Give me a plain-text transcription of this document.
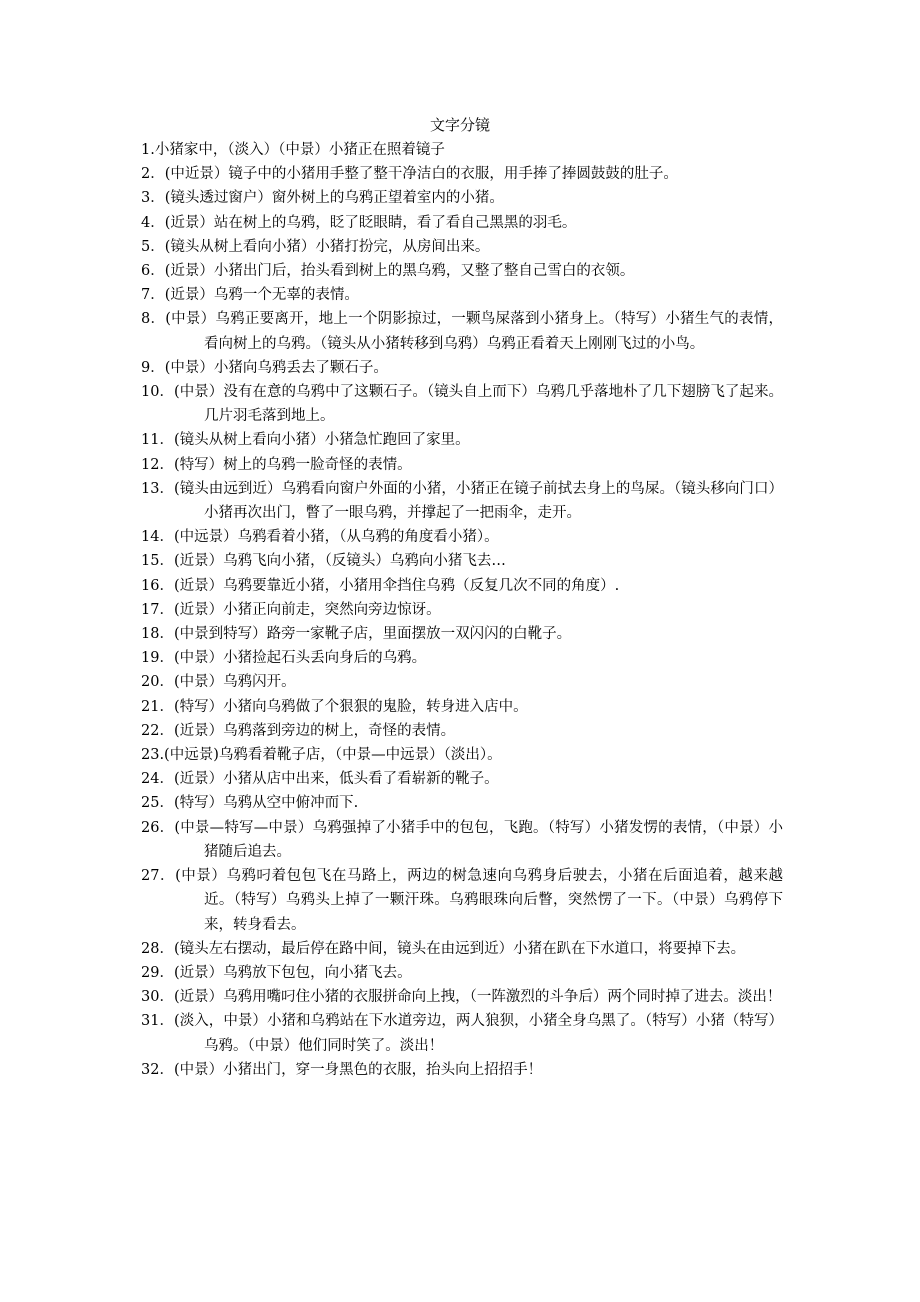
文字分镜
1.小猪家中，（淡入）（中景）小猪正在照着镜子
2．(中近景）镜子中的小猪用手整了整干净洁白的衣服，用手捧了捧圆鼓鼓的肚子。
3．(镜头透过窗户）窗外树上的乌鸦正望着室内的小猪。
4．(近景）站在树上的乌鸦，眨了眨眼睛，看了看自己黑黑的羽毛。
5．(镜头从树上看向小猪）小猪打扮完，从房间出来。
6．(近景）小猪出门后，抬头看到树上的黑乌鸦，又整了整自己雪白的衣领。
7．(近景）乌鸦一个无辜的表情。
8．(中景）乌鸦正要离开，地上一个阴影掠过，一颗鸟屎落到小猪身上。（特写）小猪生气的表情，看向树上的乌鸦。（镜头从小猪转移到乌鸦）乌鸦正看着天上刚刚飞过的小鸟。
9．(中景）小猪向乌鸦丢去了颗石子。
10．(中景）没有在意的乌鸦中了这颗石子。（镜头自上而下）乌鸦几乎落地朴了几下翅膀飞了起来。几片羽毛落到地上。
11．(镜头从树上看向小猪）小猪急忙跑回了家里。
12．(特写）树上的乌鸦一脸奇怪的表情。
13．(镜头由远到近）乌鸦看向窗户外面的小猪，小猪正在镜子前拭去身上的鸟屎。（镜头移向门口）小猪再次出门，瞥了一眼乌鸦，并撑起了一把雨伞，走开。
14．(中远景）乌鸦看着小猪，（从乌鸦的角度看小猪）。
15．(近景）乌鸦飞向小猪，（反镜头）乌鸦向小猪飞去…
16．(近景）乌鸦要靠近小猪，小猪用伞挡住乌鸦（反复几次不同的角度）.
17．(近景）小猪正向前走，突然向旁边惊讶。
18．(中景到特写）路旁一家靴子店，里面摆放一双闪闪的白靴子。
19．(中景）小猪捡起石头丢向身后的乌鸦。
20．(中景）乌鸦闪开。
21．(特写）小猪向乌鸦做了个狠狠的鬼脸，转身进入店中。
22．(近景）乌鸦落到旁边的树上，奇怪的表情。
23.(中远景)乌鸦看着靴子店，（中景—中远景）（淡出）。
24．(近景）小猪从店中出来，低头看了看崭新的靴子。
25．(特写）乌鸦从空中俯冲而下.
26．(中景—特写—中景）乌鸦强掉了小猪手中的包包，飞跑。（特写）小猪发愣的表情，（中景）小猪随后追去。
27．(中景）乌鸦叼着包包飞在马路上，两边的树急速向乌鸦身后驶去，小猪在后面追着，越来越近。（特写）乌鸦头上掉了一颗汗珠。乌鸦眼珠向后瞥，突然愣了一下。（中景）乌鸦停下来，转身看去。
28．(镜头左右摆动，最后停在路中间，镜头在由远到近）小猪在趴在下水道口，将要掉下去。
29．(近景）乌鸦放下包包，向小猪飞去。
30．(近景）乌鸦用嘴叼住小猪的衣服拼命向上拽，（一阵激烈的斗争后）两个同时掉了进去。淡出！
31．(淡入，中景）小猪和乌鸦站在下水道旁边，两人狼狈，小猪全身乌黑了。（特写）小猪（特写）乌鸦。（中景）他们同时笑了。淡出！
32．(中景）小猪出门，穿一身黑色的衣服，抬头向上招招手！
